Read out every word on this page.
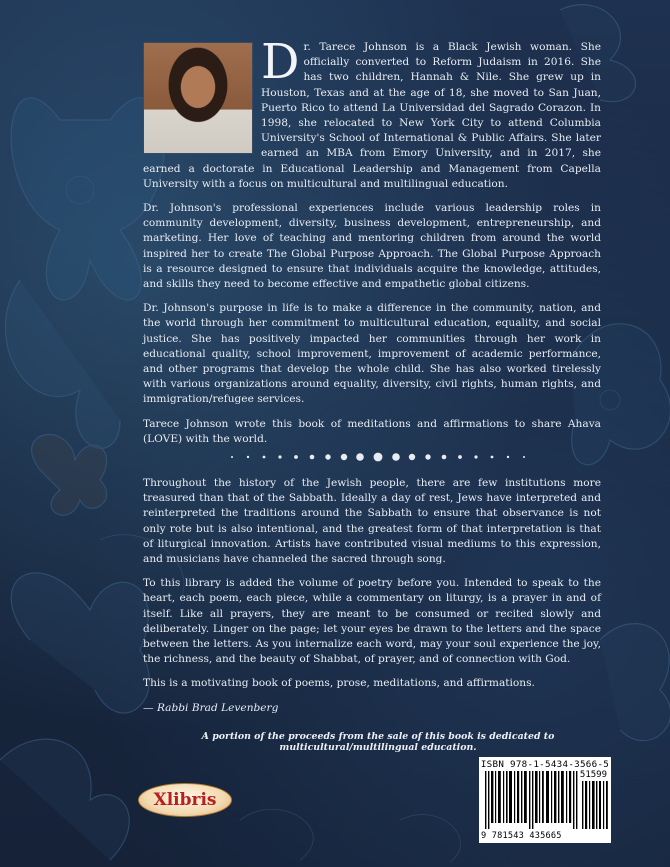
D r. Tarece Johnson is a Black Jewish woman. She officially converted to Reform Judaism in 2016. She has two children, Hannah & Nile. She grew up in Houston, Texas and at the age of 18, she moved to San Juan, Puerto Rico to attend La Universidad del Sagrado Corazon. In 1998, she relocated to New York City to attend Columbia University's School of International & Public Affairs. She later earned an MBA from Emory University, and in 2017, she earned a doctorate in Educational Leadership and Management from Capella University with a focus on multicultural and multilingual education.

Dr. Johnson's professional experiences include various leadership roles in community development, diversity, business development, entrepreneurship, and marketing. Her love of teaching and mentoring children from around the world inspired her to create The Global Purpose Approach. The Global Purpose Approach is a resource designed to ensure that individuals acquire the knowledge, attitudes, and skills they need to become effective and empathetic global citizens.

Dr. Johnson's purpose in life is to make a difference in the community, nation, and the world through her commitment to multicultural education, equality, and social justice. She has positively impacted her communities through her work in educational quality, school improvement, improvement of academic performance, and other programs that develop the whole child. She has also worked tirelessly with various organizations around equality, diversity, civil rights, human rights, and immigration/refugee services.

Tarece Johnson wrote this book of meditations and affirmations to share Ahava (LOVE) with the world.

Throughout the history of the Jewish people, there are few institutions more treasured than that of the Sabbath. Ideally a day of rest, Jews have interpreted and reinterpreted the traditions around the Sabbath to ensure that observance is not only rote but is also intentional, and the greatest form of that interpretation is that of liturgical innovation. Artists have contributed visual mediums to this expression, and musicians have channeled the sacred through song.

To this library is added the volume of poetry before you. Intended to speak to the heart, each poem, each piece, while a commentary on liturgy, is a prayer in and of itself. Like all prayers, they are meant to be consumed or recited slowly and deliberately. Linger on the page; let your eyes be drawn to the letters and the space between the letters. As you internalize each word, may your soul experience the joy, the richness, and the beauty of Shabbat, of prayer, and of connection with God.

This is a motivating book of poems, prose, meditations, and affirmations.

— Rabbi Brad Levenberg

A portion of the proceeds from the sale of this book is dedicated to multicultural/multilingual education.
Xlibris
ISBN 978-1-5434-3566-5
51599
9 781543 435665
